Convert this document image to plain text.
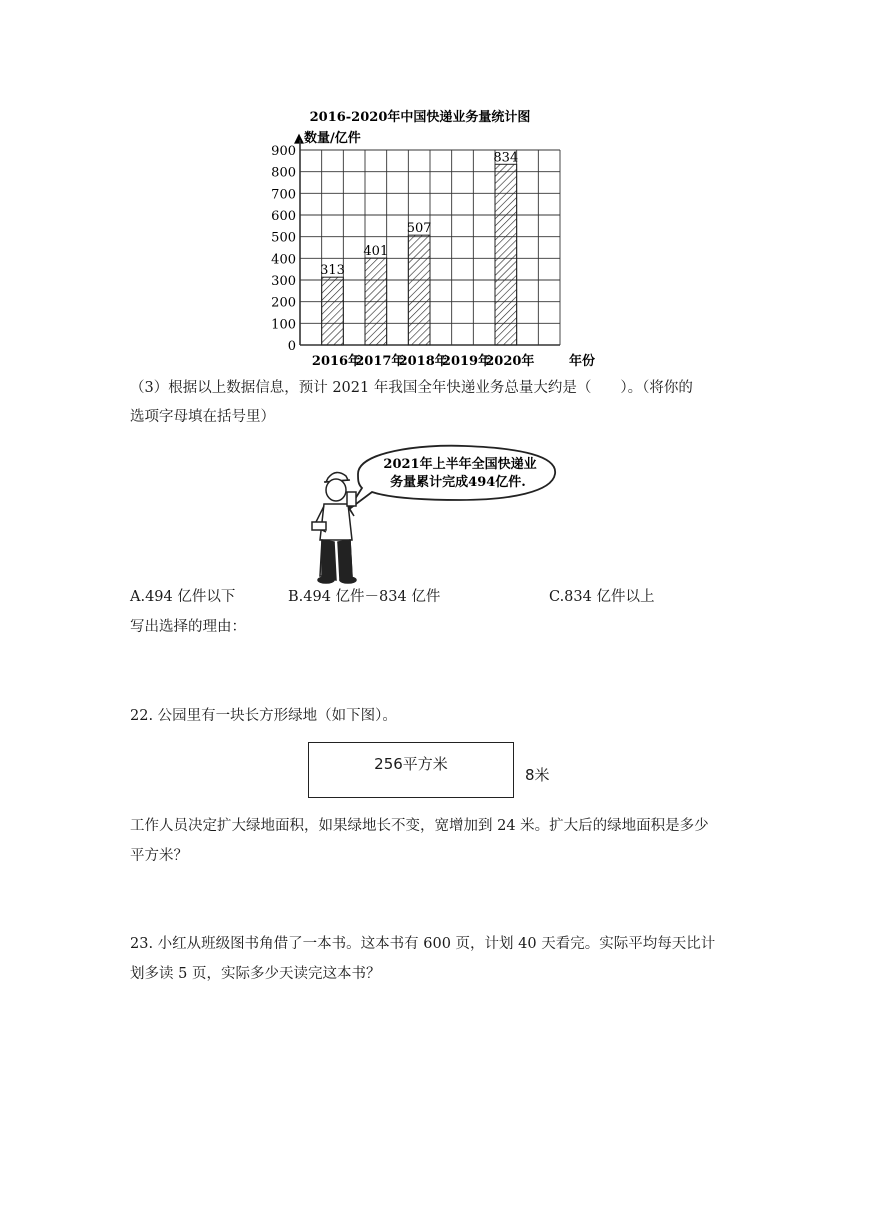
2016-2020年中国快递业务量统计图
▲数量/亿件
313
401
507
834
0
100
200
300
400
500
600
700
800
900
2016年
2017年
2018年
2019年
2020年	年份
（3）根据以上数据信息，预计 2021 年我国全年快递业务总量大约是（　　）。（将你的
选项字母填在括号里）
2021年上半年全国快递业
务量累计完成494亿件.
A.494 亿件以下	B.494 亿件－834 亿件	C.834 亿件以上
写出选择的理由：
22. 公园里有一块长方形绿地（如下图）。
256平方米
8米
工作人员决定扩大绿地面积，如果绿地长不变，宽增加到 24 米。扩大后的绿地面积是多少
平方米？
23. 小红从班级图书角借了一本书。这本书有 600 页，计划 40 天看完。实际平均每天比计
划多读 5 页，实际多少天读完这本书？
